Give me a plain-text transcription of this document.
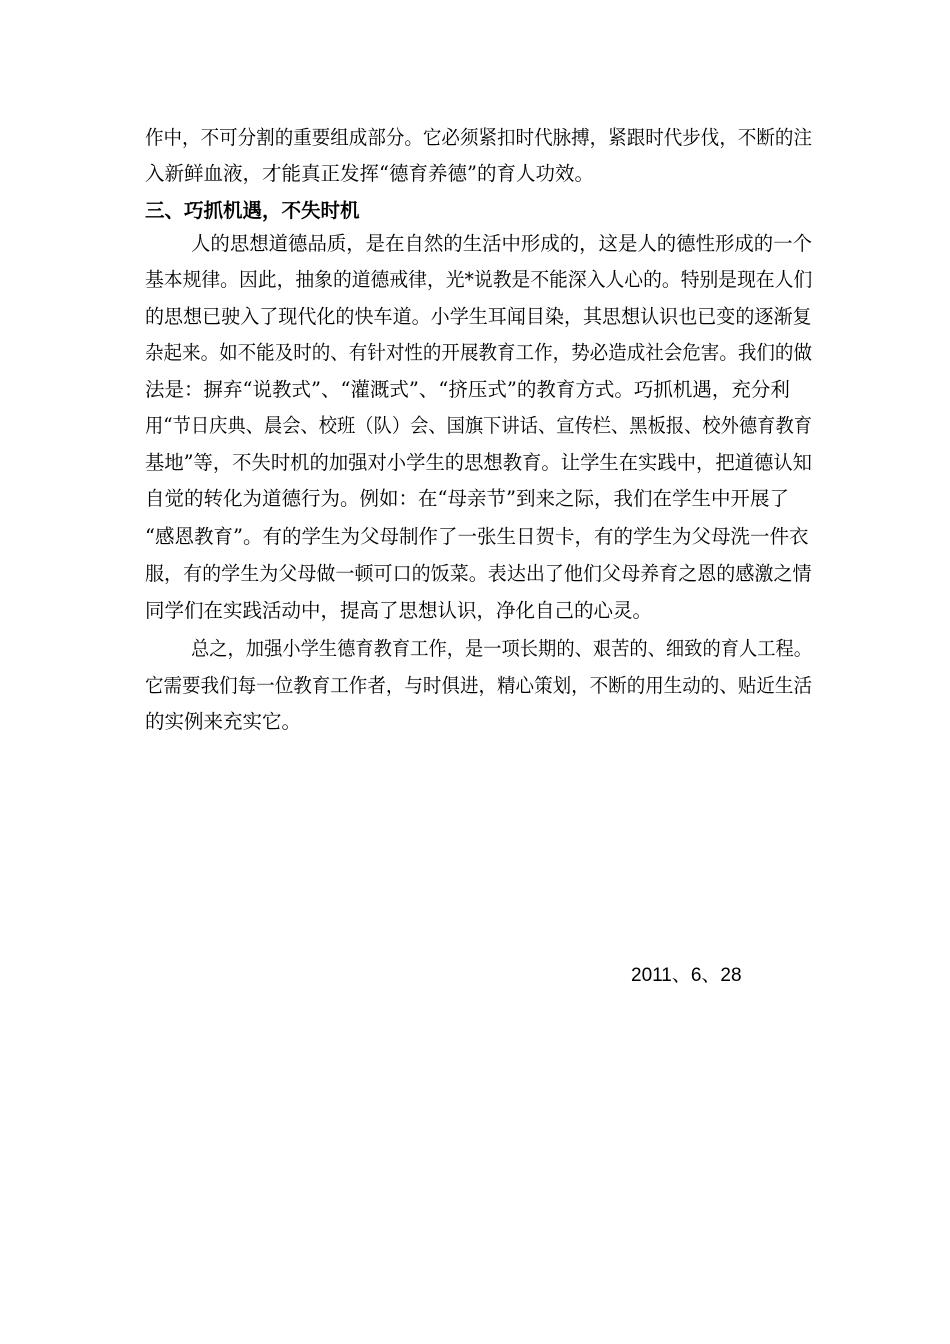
作中，不可分割的重要组成部分。它必须紧扣时代脉搏，紧跟时代步伐，不断的注

入新鲜血液，才能真正发挥“德育养德”的育人功效。

三、巧抓机遇，不失时机

人的思想道德品质，是在自然的生活中形成的，这是人的德性形成的一个

基本规律。因此，抽象的道德戒律，光*说教是不能深入人心的。特别是现在人们

的思想已驶入了现代化的快车道。小学生耳闻目染，其思想认识也已变的逐渐复

杂起来。如不能及时的、有针对性的开展教育工作，势必造成社会危害。我们的做

法是：摒弃“说教式”、“灌溉式”、“挤压式”的教育方式。巧抓机遇，充分利

用“节日庆典、晨会、校班（队）会、国旗下讲话、宣传栏、黑板报、校外德育教育

基地”等，不失时机的加强对小学生的思想教育。让学生在实践中，把道德认知

自觉的转化为道德行为。例如：在“母亲节”到来之际，我们在学生中开展了

“感恩教育”。有的学生为父母制作了一张生日贺卡，有的学生为父母洗一件衣

服，有的学生为父母做一顿可口的饭菜。表达出了他们父母养育之恩的感激之情

同学们在实践活动中，提高了思想认识，净化自己的心灵。

总之，加强小学生德育教育工作，是一项长期的、艰苦的、细致的育人工程。

它需要我们每一位教育工作者，与时俱进，精心策划，不断的用生动的、贴近生活

的实例来充实它。

2011、6、28
